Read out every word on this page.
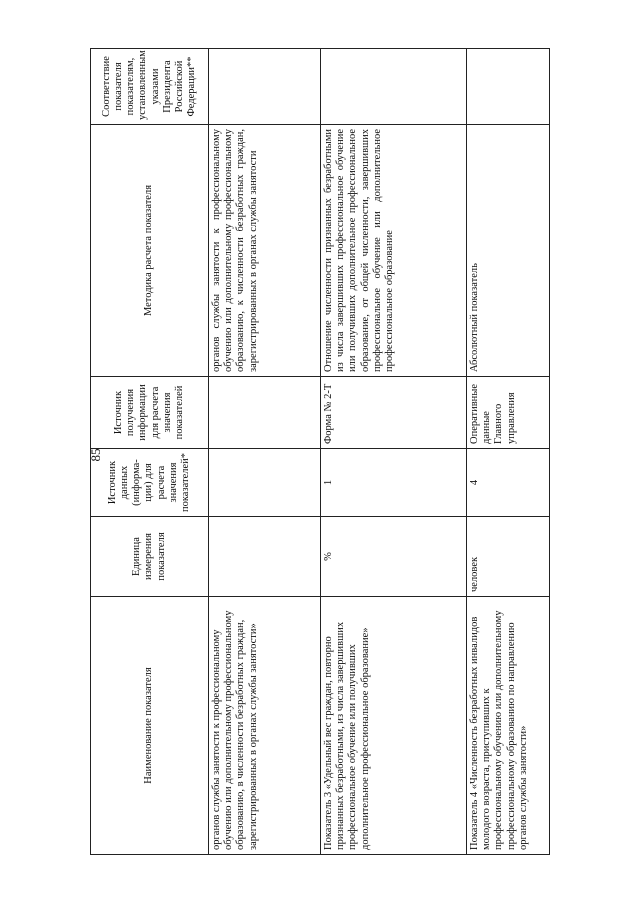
85
Наименование показателя	Единица измерения показателя	Источник данных (информа-ции) для расчета значения показателей*	Источник получения информации для расчета значения показателей	Методика расчета показателя	Соответствие показателя показателям, установленным указами Президента Российской Федерации**
органов службы занятости к профессиональному обучению или дополнительному профессиональному образованию, в численности безработных граждан, зарегистрированных в органах службы занятости»				органов службы занятости к профессиональному обучению или дополнительному профессиональному образованию, к численности безработных граждан, зарегистрированных в органах службы занятости	
Показатель 3 «Удельный вес граждан, повторно признанных безработными, из числа завершивших профессиональное обучение или получивших дополнительное профессиональное образование»	%	1	Форма № 2-Т	Отношение численности признанных безработными из числа завершивших профессиональное обучение или получивших дополнительное профессиональное образование, от общей численности, завершивших профессиональное обучение или дополнительное профессиональное образование	
Показатель 4 «Численность безработных инвалидов молодого возраста, приступивших к профессиональному обучению или дополнительному профессиональному образованию по направлению органов службы занятости»	человек	4	Оперативные данные Главного управления	Абсолютный показатель	
